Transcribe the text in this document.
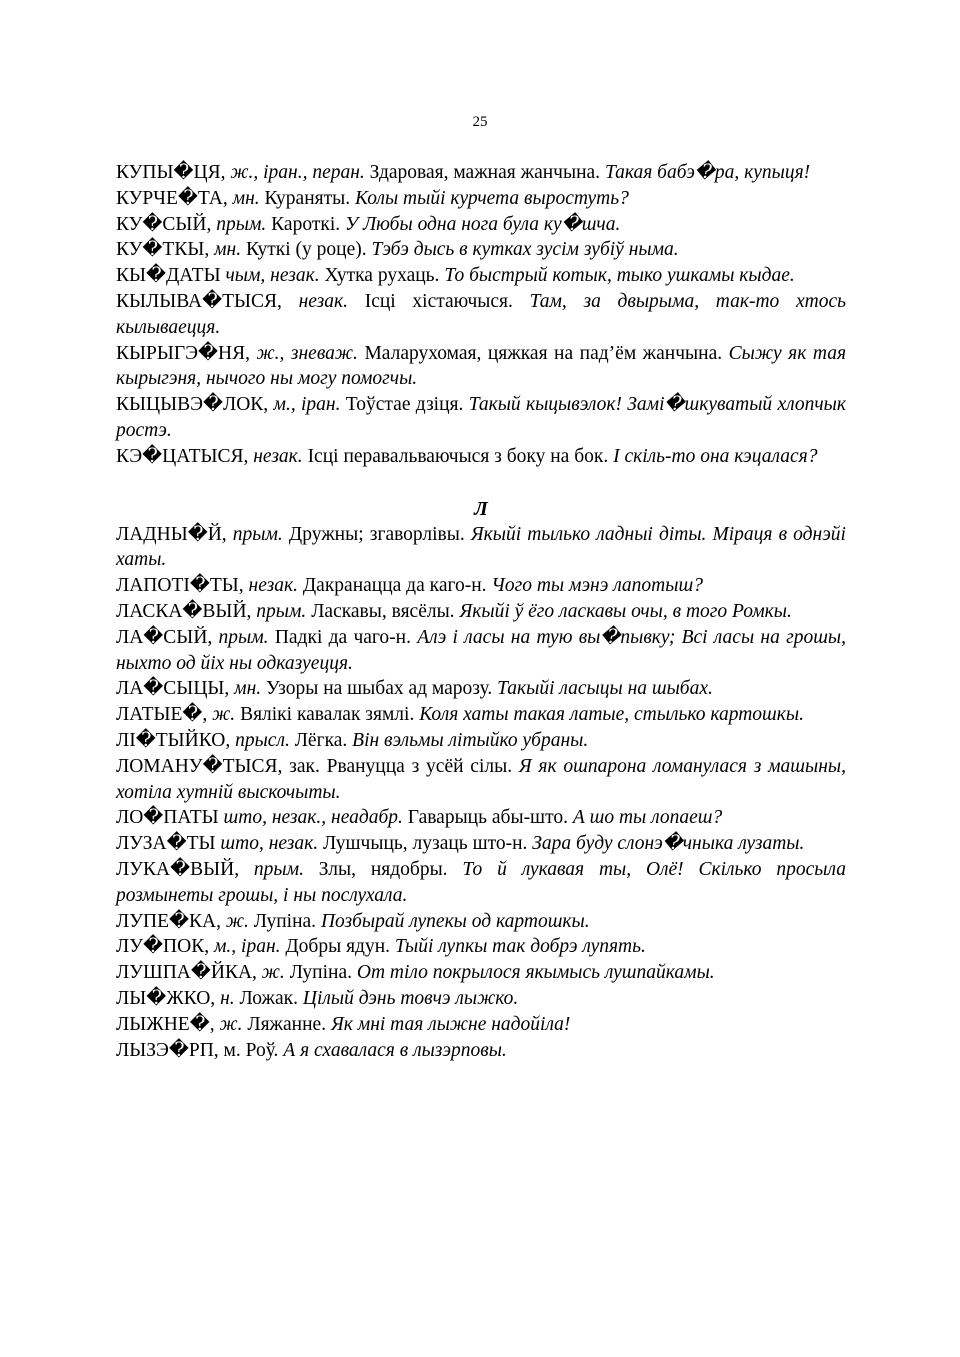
25

КУПЫ�ЦЯ, ж., іран., перан. Здаровая, мажная жанчына. Такая бабэ�ра, купыця!

КУРЧЕ�ТА, мн. Кураняты. Колы тыйі курчета выростуть?

КУ�СЫЙ, прым. Кароткі. У Любы одна нога була ку�шча.

КУ�ТКЫ, мн. Куткі (у роце). Тэбэ дысь в кутках зусім зубіў ныма.

КЫ�ДАТЫ чым, незак. Хутка рухаць. То быстрый котык, тыко ушкамы кыдае.

КЫЛЫВА�ТЫСЯ, незак. Ісці хістаючыся. Там, за двырыма, так-то хтось кылываецця.

КЫРЫГЭ�НЯ, ж., зневаж. Маларухомая, цяжкая на пад’ём жанчына. Сыжу як тая кырыгэня, нычого ны могу помогчы.

КЫЦЫВЭ�ЛОК, м., іран. Тоўстае дзіця. Такый кыцывэлок! Замі�шкуватый хлопчык ростэ.

КЭ�ЦАТЫСЯ, незак. Ісці перавальваючыся з боку на бок. І скіль-то она кэцалася?

Л

ЛАДНЫ�Й, прым. Дружны; згаворлівы. Якыйі тылько ладныі діты. Міраця в однэйі хаты.

ЛАПОТІ�ТЫ, незак. Дакранацца да каго-н. Чого ты мэнэ лапотыш?

ЛАСКА�ВЫЙ, прым. Ласкавы, вясёлы. Якыйі ў ёго ласкавы очы, в того Ромкы.

ЛА�СЫЙ, прым. Падкі да чаго-н. Алэ і ласы на тую вы�пывку; Всі ласы на грошы, ныхто од йіх ны одказуецця.

ЛА�СЫЦЫ, мн. Узоры на шыбах ад марозу. Такыйі ласыцы на шыбах.

ЛАТЫЕ�, ж. Вялікі кавалак зямлі. Коля хаты такая латые, стылько картошкы.

ЛІ�ТЫЙКО, прысл. Лёгка. Він вэльмы літыйко убраны.

ЛОМАНУ�ТЫСЯ, зак. Рвануцца з усёй сілы. Я як ошпарона ломанулася з машыны, хотіла хутній выскочыты.

ЛО�ПАТЫ што, незак., неадабр. Гаварыць абы-што. А шо ты лопаеш?

ЛУЗА�ТЫ што, незак. Лушчыць, лузаць што-н. Зара буду слонэ�чныка лузаты.

ЛУКА�ВЫЙ, прым. Злы, нядобры. То й лукавая ты, Олё! Скілько просыла розмынеты грошы, і ны послухала.

ЛУПЕ�КА, ж. Лупіна. Позбырай лупекы од картошкы.

ЛУ�ПОК, м., іран. Добры ядун. Тыйі лупкы так добрэ лупять.

ЛУШПА�ЙКА, ж. Лупіна. От тіло покрылося якымысь лушпайкамы.

ЛЫ�ЖКО, н. Ложак. Цілый дэнь товчэ лыжко.

ЛЫЖНЕ�, ж. Ляжанне. Як мні тая лыжне надойіла!

ЛЫЗЭ�РП, м. Роў. А я схавалася в лызэрповы.
